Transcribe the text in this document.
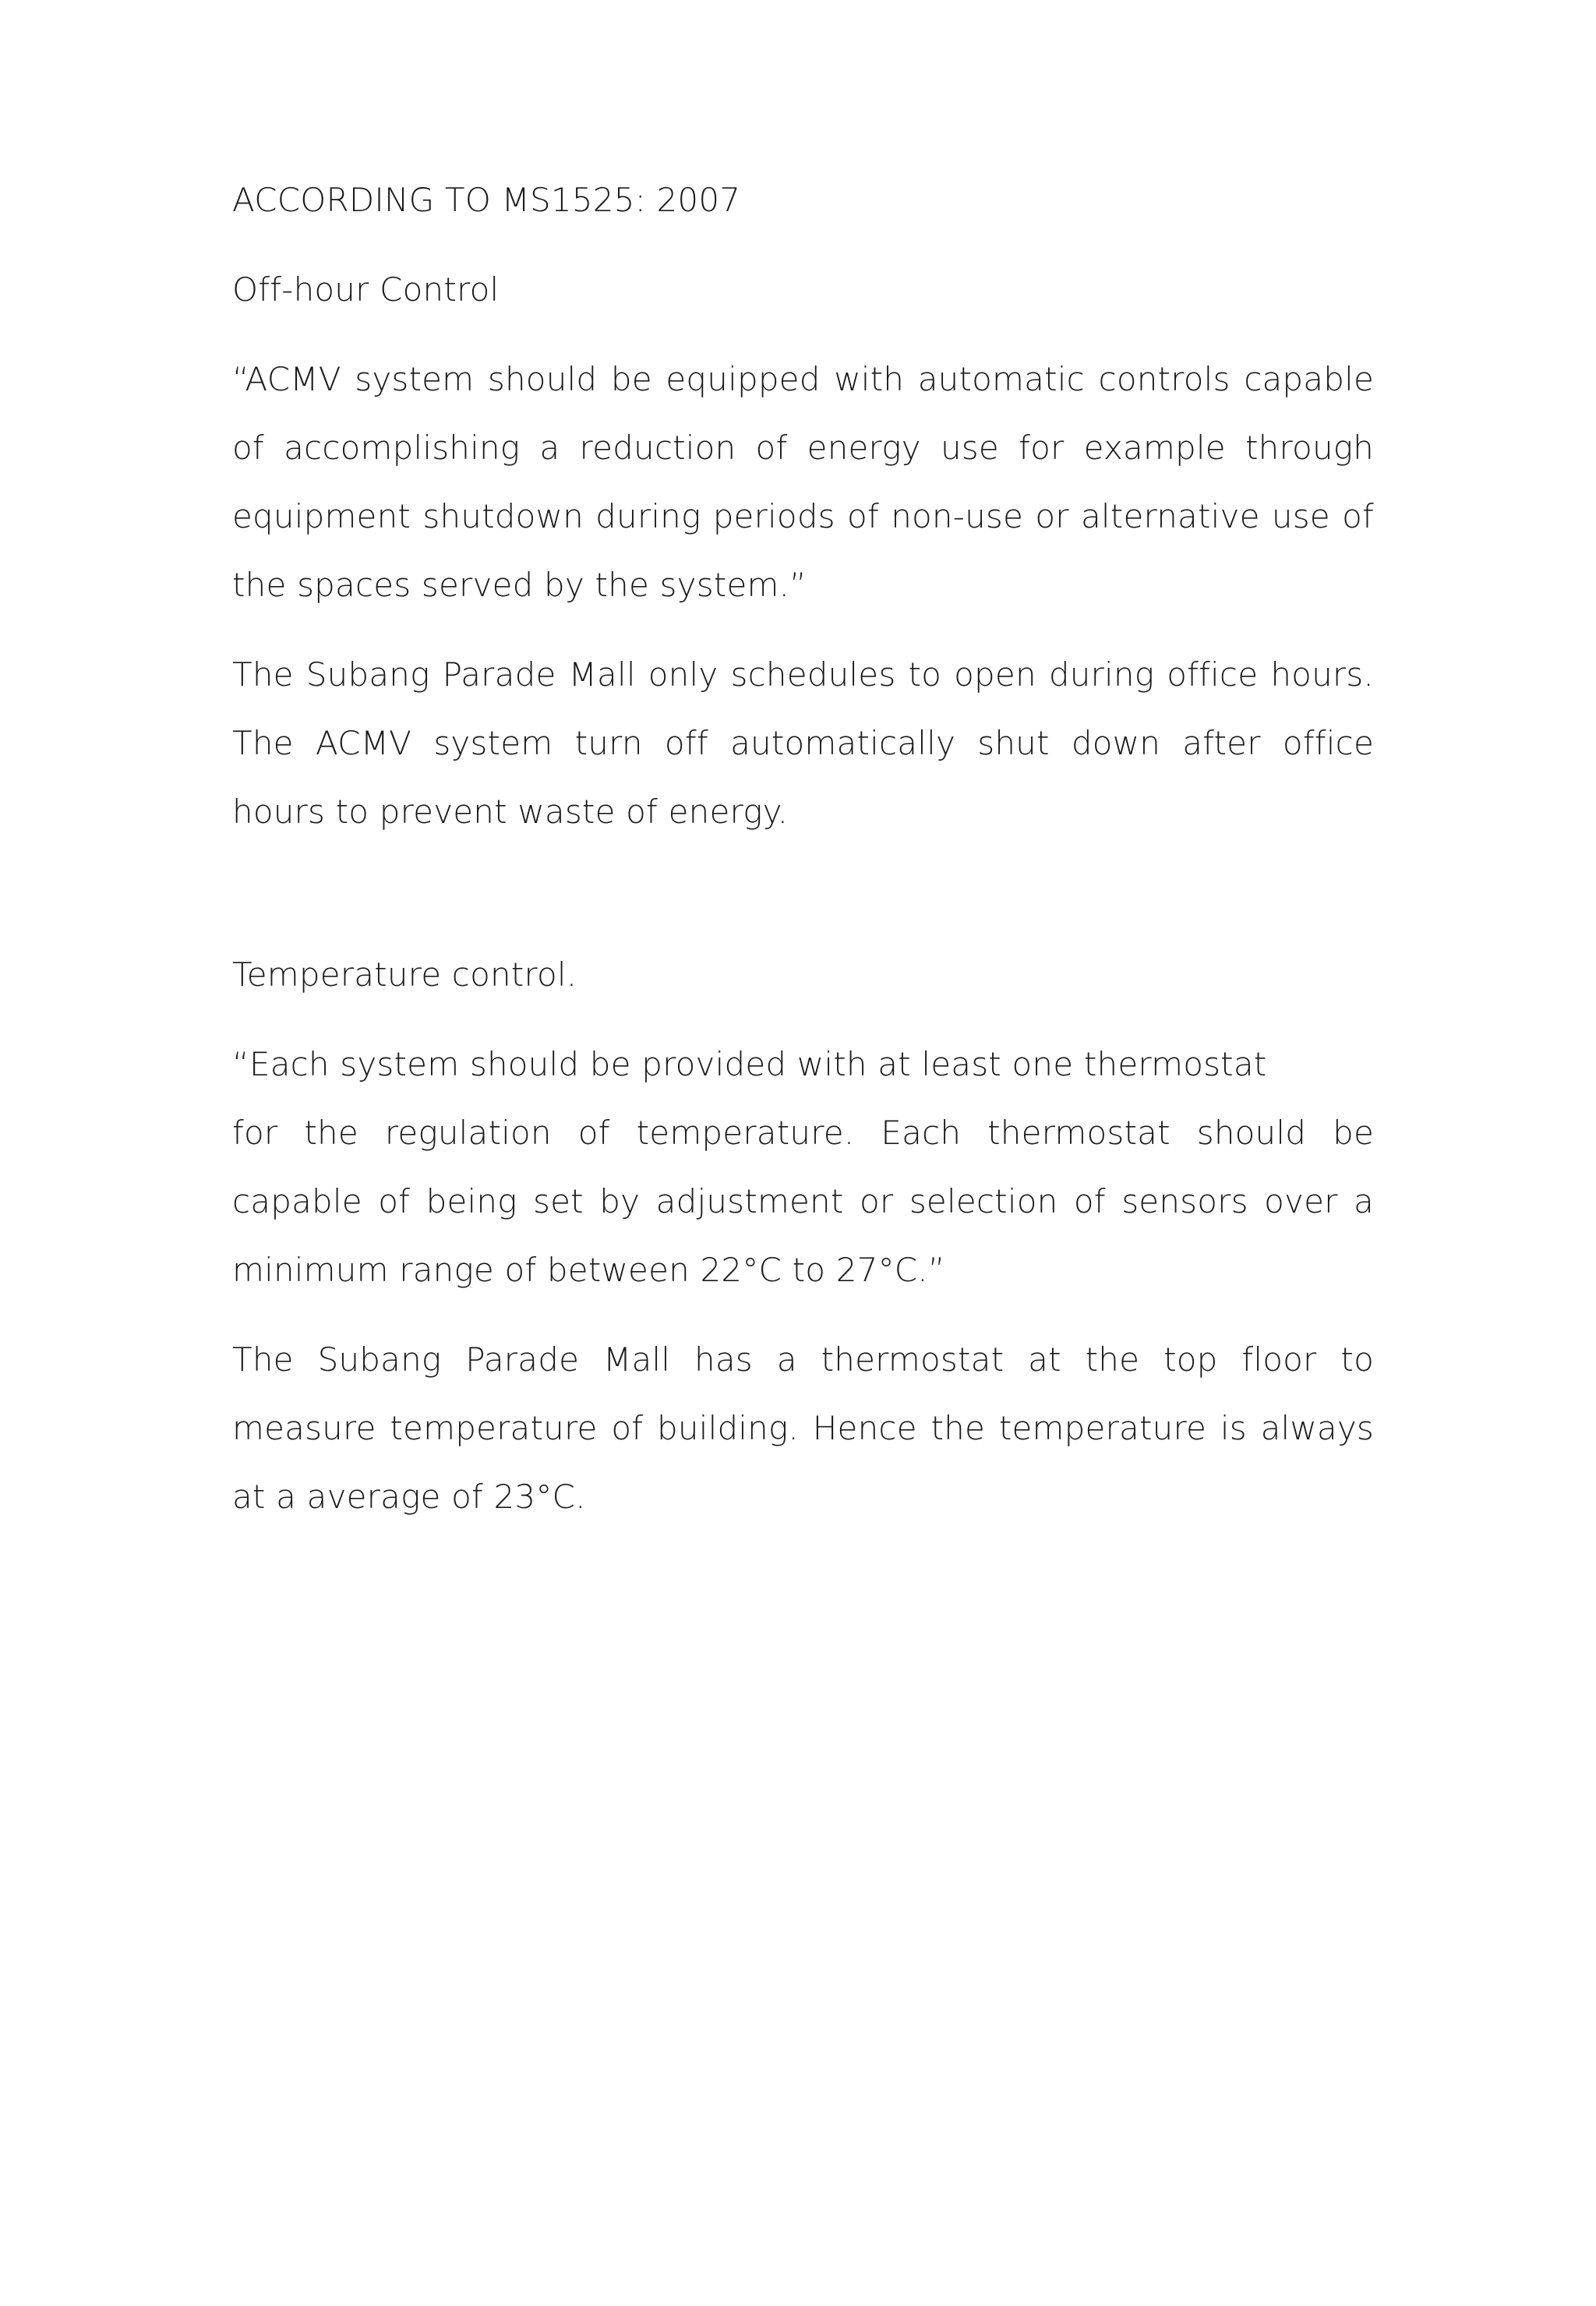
ACCORDING TO MS1525: 2007

Off-hour Control

“ACMV system should be equipped with automatic controls capable of accomplishing a reduction of energy use for example through equipment shutdown during periods of non-use or alternative use of the spaces served by the system.”

The Subang Parade Mall only schedules to open during office hours. The ACMV system turn off automatically shut down after office hours to prevent waste of energy.

Temperature control.

“Each system should be provided with at least one thermostat

for the regulation of temperature. Each thermostat should be capable of being set by adjustment or selection of sensors over a minimum range of between 22°C to 27°C.”

The Subang Parade Mall has a thermostat at the top floor to measure temperature of building. Hence the temperature is always at a average of 23°C.
